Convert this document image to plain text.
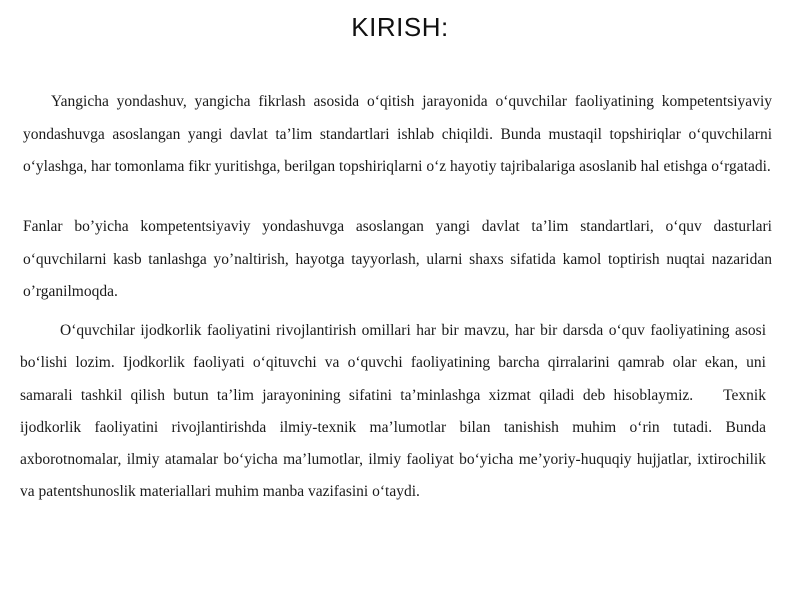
KIRISH:

Yangicha yondashuv, yangicha fikrlash asosida o‘qitish jarayonida o‘quvchilar faoliyatining kompetentsiyaviy yondashuvga asoslangan yangi davlat ta’lim standartlari ishlab chiqildi. Bunda mustaqil topshiriqlar o‘quvchilarni o‘ylashga, har tomonlama fikr yuritishga, berilgan topshiriqlarni o‘z hayotiy tajribalariga asoslanib hal etishga o‘rgatadi.

Fanlar bo’yicha kompetentsiyaviy yondashuvga asoslangan yangi davlat ta’lim standartlari, o‘quv dasturlari o‘quvchilarni kasb tanlashga yo’naltirish, hayotga tayyorlash, ularni shaxs sifatida kamol toptirish nuqtai nazaridan o’rganilmoqda.

O‘quvchilar ijodkorlik faoliyatini rivojlantirish omillari har bir mavzu, har bir darsda o‘quv faoliyatining asosi bo‘lishi lozim. Ijodkorlik faoliyati o‘qituvchi va o‘quvchi faoliyatining barcha qirralarini qamrab olar ekan, uni samarali tashkil qilish butun ta’lim jarayonining sifatini ta’minlashga xizmat qiladi deb hisoblaymiz. Texnik ijodkorlik faoliyatini rivojlantirishda ilmiy-texnik ma’lumotlar bilan tanishish muhim o‘rin tutadi. Bunda axborotnomalar, ilmiy atamalar bo‘yicha ma’lumotlar, ilmiy faoliyat bo‘yicha me’yoriy-huquqiy hujjatlar, ixtirochilik va patentshunoslik materiallari muhim manba vazifasini o‘taydi.
